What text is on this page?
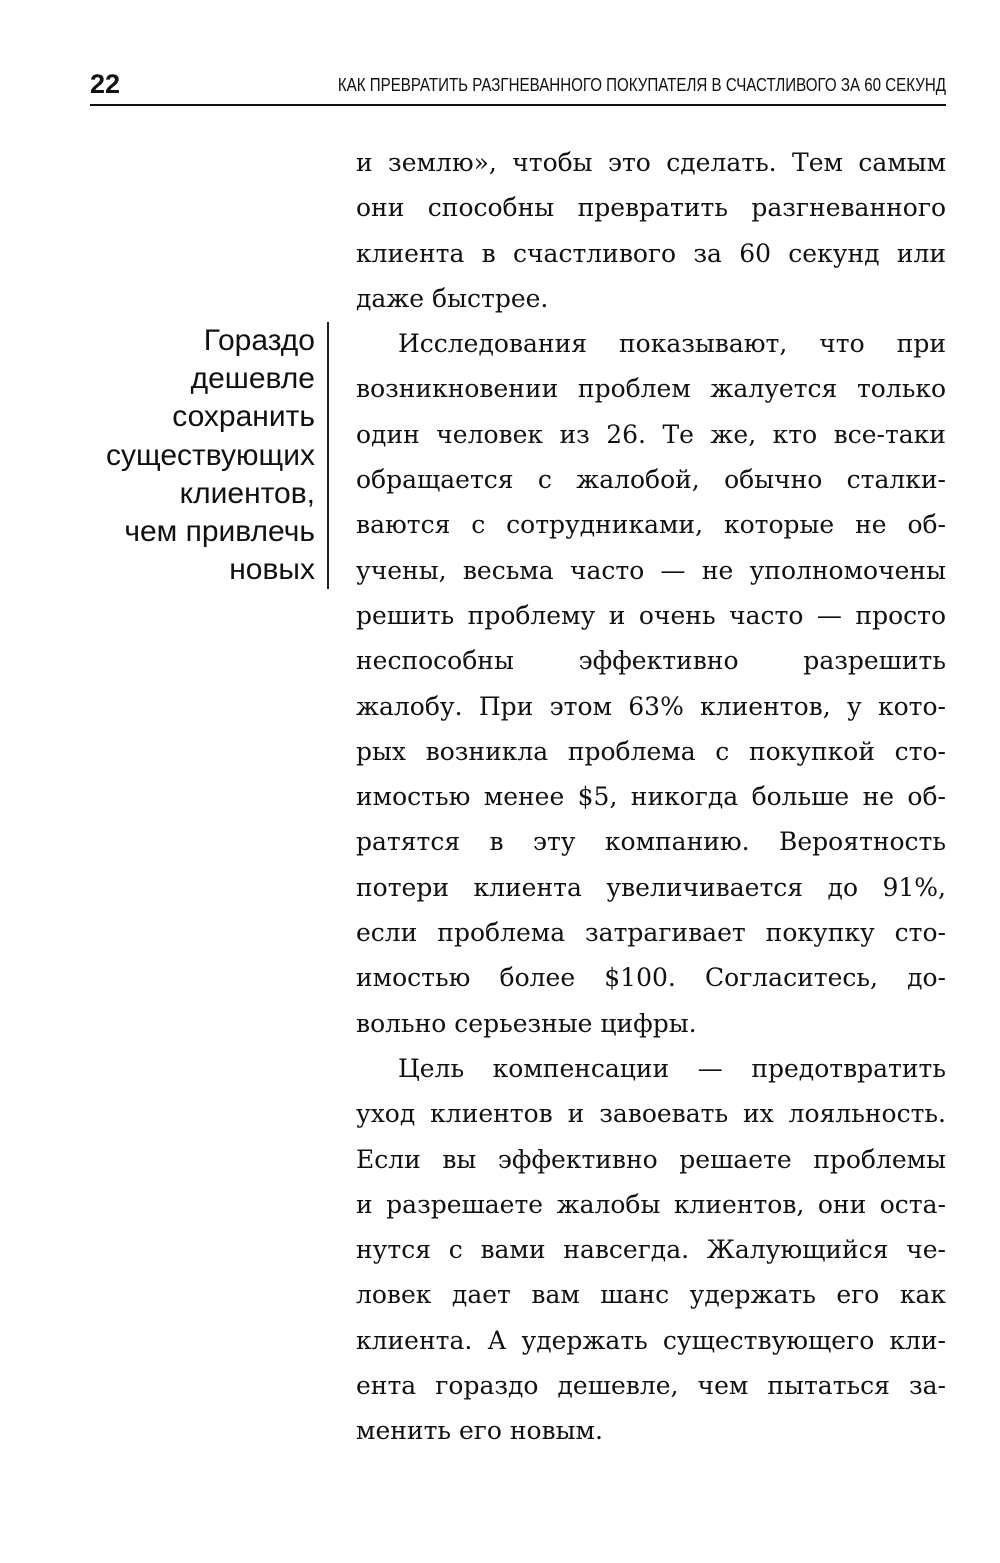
22	КАК ПРЕВРАТИТЬ РАЗГНЕВАННОГО ПОКУПАТЕЛЯ В СЧАСТЛИВОГО ЗА 60 СЕКУНД
Гораздо
дешевле
сохранить
существующих
клиентов,
чем привлечь
новых
и землю», чтобы это сделать. Тем самым
они способны превратить разгневанного
клиента в счастливого за 60 секунд или
даже быстрее.
Исследования показывают, что при
возникновении проблем жалуется только
один человек из 26. Те же, кто все-таки
обращается с жалобой, обычно сталки-
ваются с сотрудниками, которые не об-
учены, весьма часто — не уполномочены
решить проблему и очень часто — просто
неспособны эффективно разрешить
жалобу. При этом 63% клиентов, у кото-
рых возникла проблема с покупкой сто-
имостью менее $5, никогда больше не об-
ратятся в эту компанию. Вероятность
потери клиента увеличивается до 91%,
если проблема затрагивает покупку сто-
имостью более $100. Согласитесь, до-
вольно серьезные цифры.
Цель компенсации — предотвратить
уход клиентов и завоевать их лояльность.
Если вы эффективно решаете проблемы
и разрешаете жалобы клиентов, они оста-
нутся с вами навсегда. Жалующийся че-
ловек дает вам шанс удержать его как
клиента. А удержать существующего кли-
ента гораздо дешевле, чем пытаться за-
менить его новым.
